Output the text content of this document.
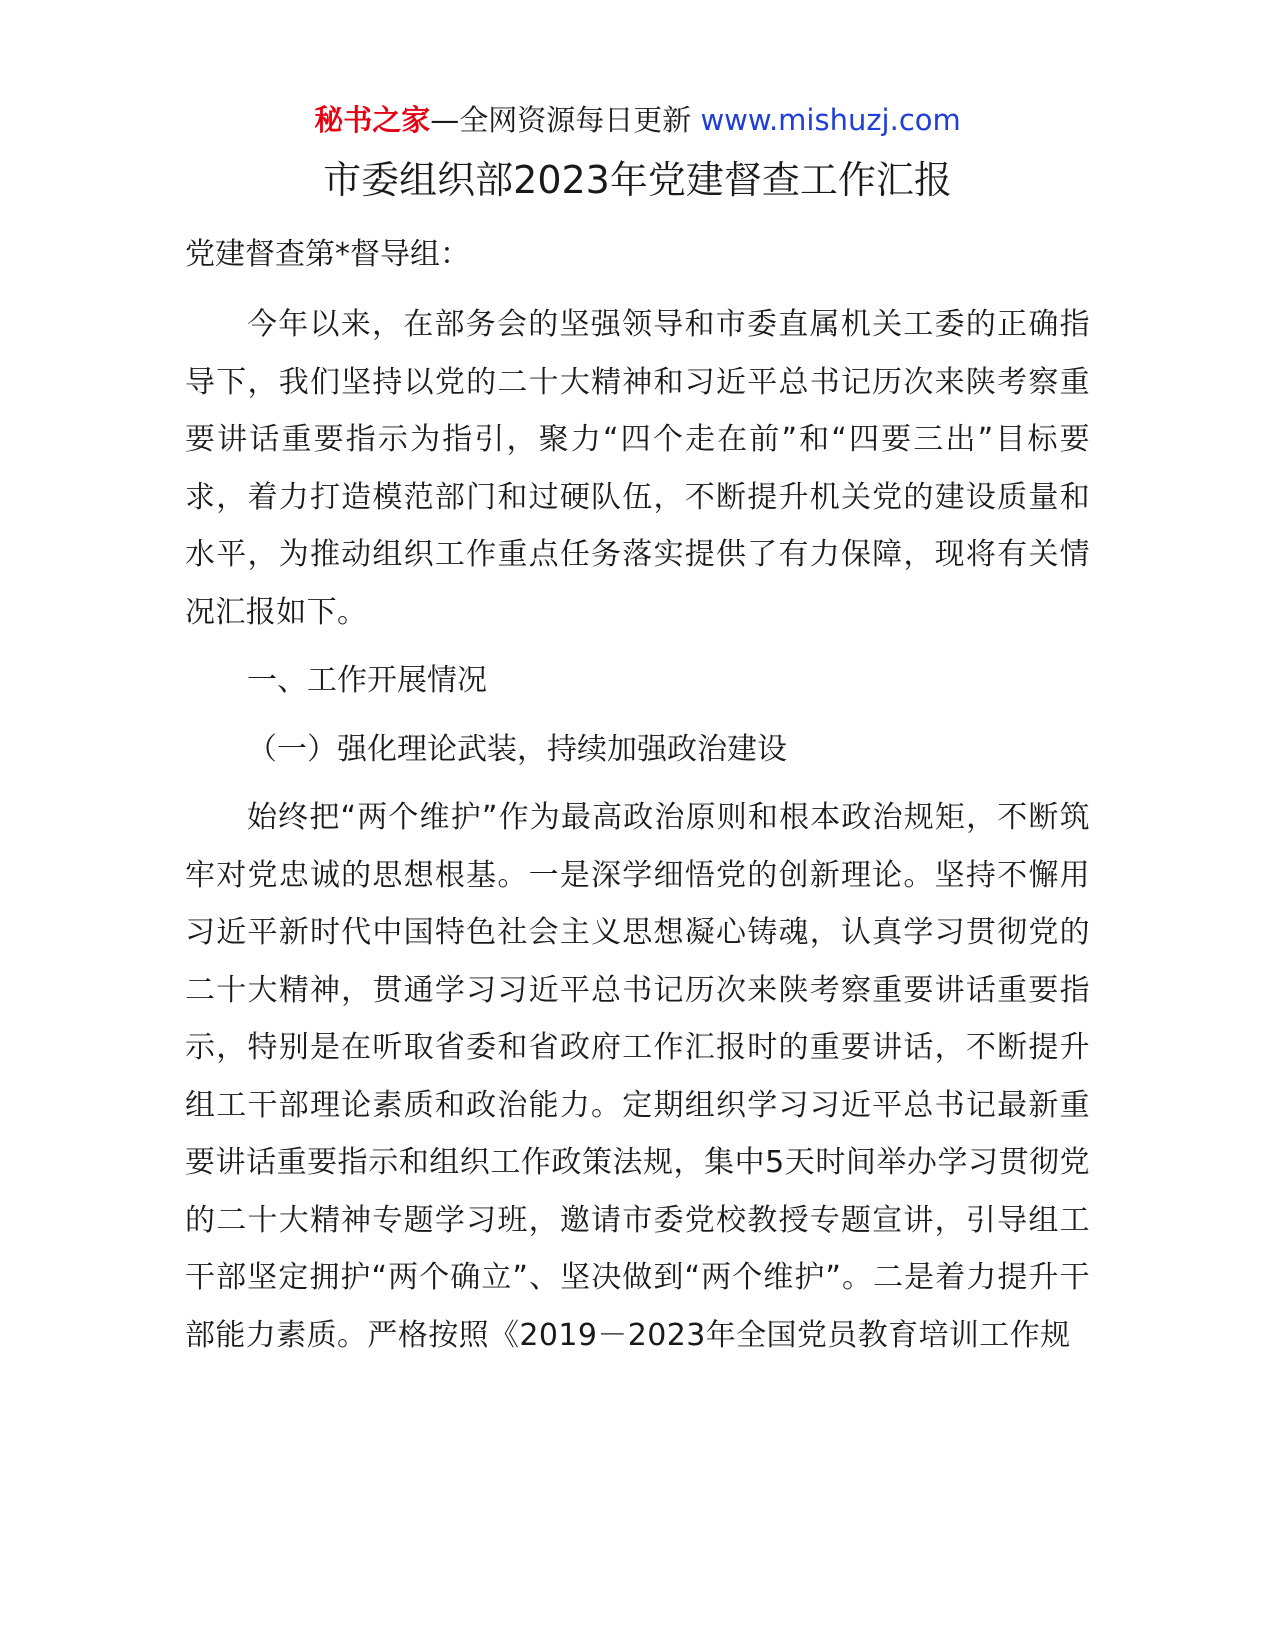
秘书之家—全网资源每日更新 www.mishuzj.com
市委组织部2023年党建督查工作汇报
党建督查第*督导组：

今年以来，在部务会的坚强领导和市委直属机关工委的正确指导下，我们坚持以党的二十大精神和习近平总书记历次来陕考察重要讲话重要指示为指引，聚力“四个走在前”和“四要三出”目标要求，着力打造模范部门和过硬队伍，不断提升机关党的建设质量和水平，为推动组织工作重点任务落实提供了有力保障，现将有关情况汇报如下。

一、工作开展情况

（一）强化理论武装，持续加强政治建设

始终把“两个维护”作为最高政治原则和根本政治规矩，不断筑牢对党忠诚的思想根基。一是深学细悟党的创新理论。坚持不懈用习近平新时代中国特色社会主义思想凝心铸魂，认真学习贯彻党的二十大精神，贯通学习习近平总书记历次来陕考察重要讲话重要指示，特别是在听取省委和省政府工作汇报时的重要讲话，不断提升组工干部理论素质和政治能力。定期组织学习习近平总书记最新重要讲话重要指示和组织工作政策法规，集中5天时间举办学习贯彻党的二十大精神专题学习班，邀请市委党校教授专题宣讲，引导组工干部坚定拥护“两个确立”、坚决做到“两个维护”。二是着力提升干部能力素质。严格按照《2019－2023年全国党员教育培训工作规
